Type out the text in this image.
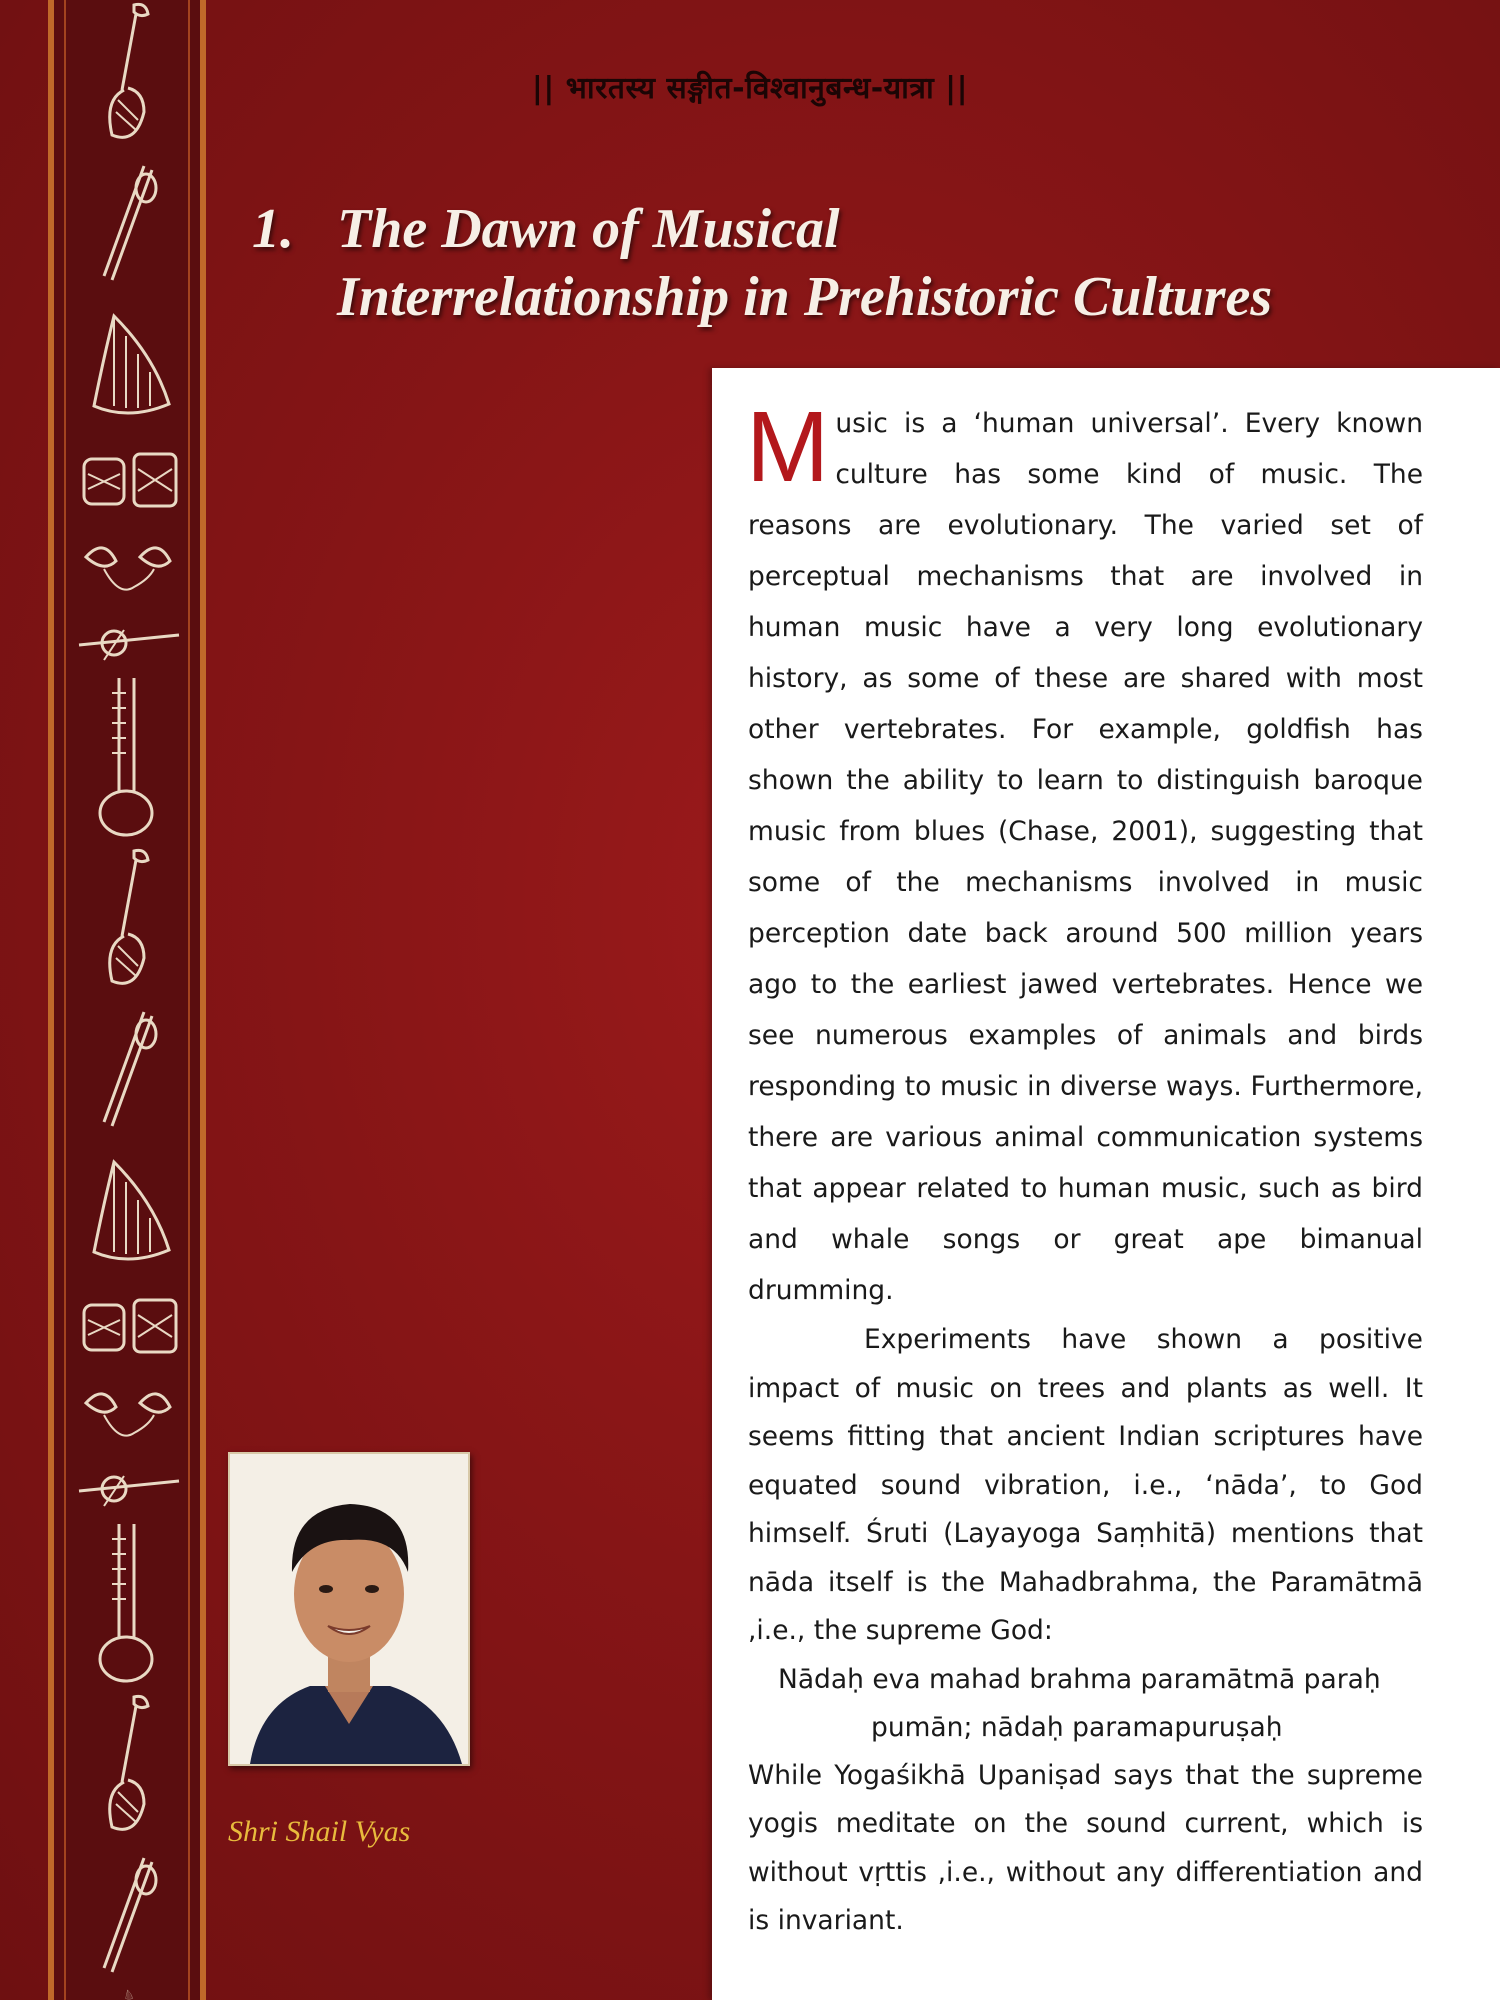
|| भारतस्य सङ्गीत-विश्वानुबन्ध-यात्रा ||
1. The Dawn of Musical
Interrelationship in Prehistoric Cultures

Music is a ‘human universal’. Every known culture has some kind of music. The reasons are evolutionary. The varied set of perceptual mechanisms that are involved in human music have a very long evolutionary history, as some of these are shared with most other vertebrates. For example, goldfish has shown the ability to learn to distinguish baroque music from blues (Chase, 2001), suggesting that some of the mechanisms involved in music perception date back around 500 million years ago to the earliest jawed vertebrates. Hence we see numerous examples of animals and birds responding to music in diverse ways. Furthermore, there are various animal communication systems that appear related to human music, such as bird and whale songs or great ape bimanual drumming.

Experiments have shown a positive impact of music on trees and plants as well. It seems fitting that ancient Indian scriptures have equated sound vibration, i.e., ‘nāda’, to God himself. Śruti (Layayoga Saṃhitā) mentions that nāda itself is the Mahadbrahma, the Paramātmā ,i.e., the supreme God:

Nādaḥ eva mahad brahma paramātmā paraḥ

pumān; nādaḥ paramapuruṣaḥ

While Yogaśikhā Upaniṣad says that the supreme yogis meditate on the sound current, which is without vṛttis ,i.e., without any differentiation and is invariant.

Shri Shail Vyas
